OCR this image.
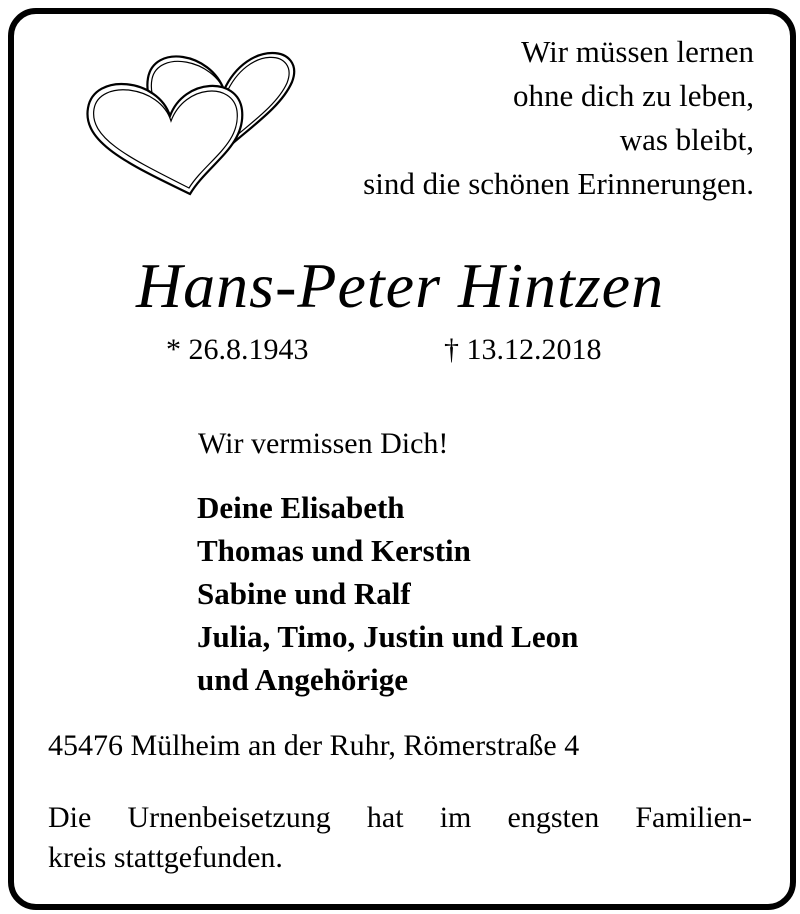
Wir müssen lernen
ohne dich zu leben,
was bleibt,
sind die schönen Erinnerungen.
Hans-Peter Hintzen
* 26.8.1943	† 13.12.2018
Wir vermissen Dich!
Deine Elisabeth
Thomas und Kerstin
Sabine und Ralf
Julia, Timo, Justin und Leon
und Angehörige
45476 Mülheim an der Ruhr, Römerstraße 4
Die Urnenbeisetzung hat im engsten Familien-
kreis stattgefunden.
